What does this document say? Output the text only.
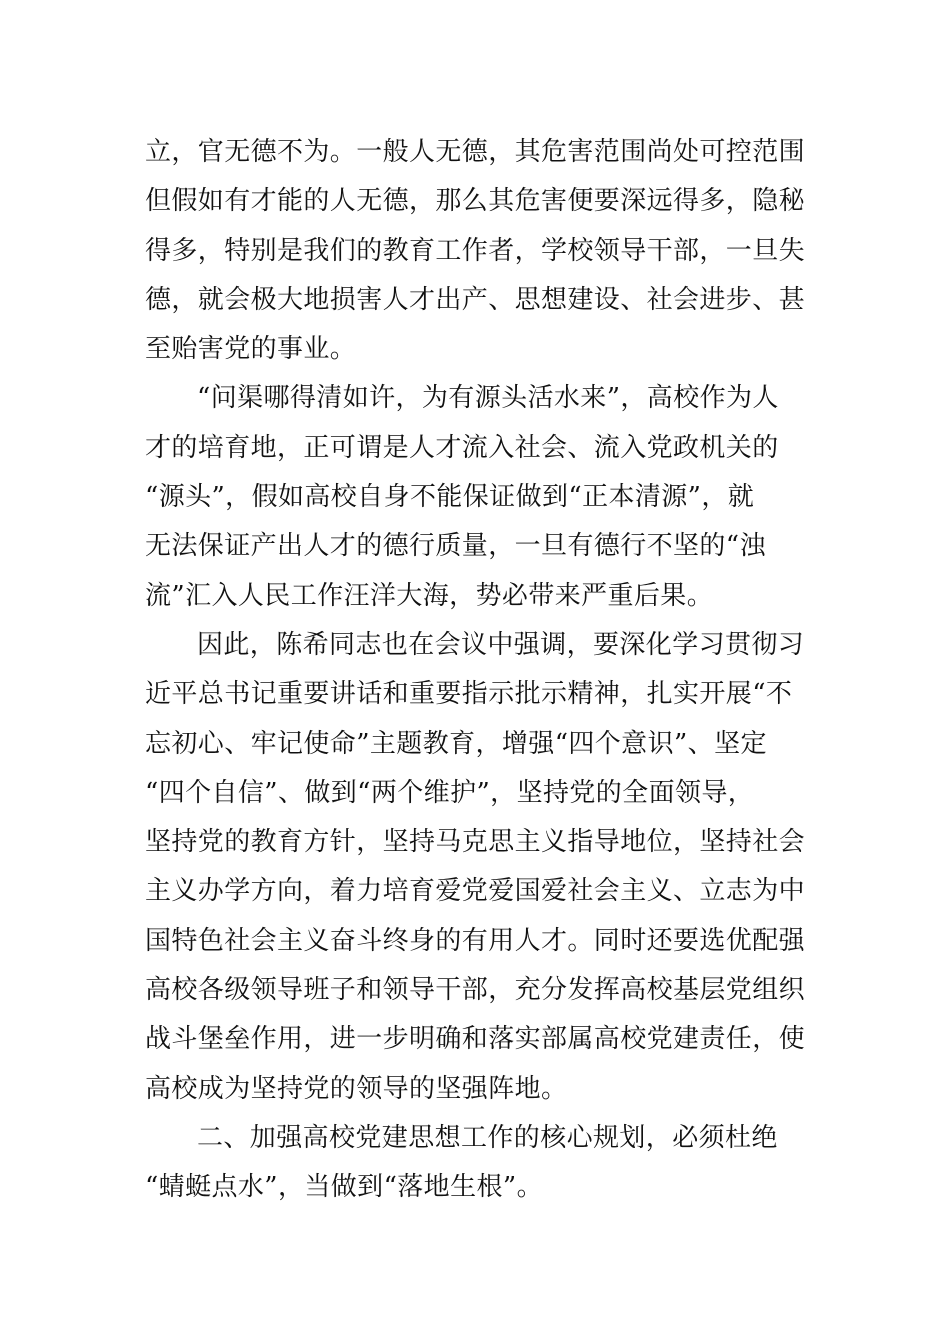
立，官无德不为。一般人无德，其危害范围尚处可控范围
但假如有才能的人无德，那么其危害便要深远得多，隐秘
得多，特别是我们的教育工作者，学校领导干部，一旦失
德，就会极大地损害人才出产、思想建设、社会进步、甚
至贻害党的事业。

“问渠哪得清如许，为有源头活水来”，高校作为人
才的培育地，正可谓是人才流入社会、流入党政机关的
“源头”，假如高校自身不能保证做到“正本清源”，就
无法保证产出人才的德行质量，一旦有德行不坚的“浊
流”汇入人民工作汪洋大海，势必带来严重后果。

因此，陈希同志也在会议中强调，要深化学习贯彻习
近平总书记重要讲话和重要指示批示精神，扎实开展“不
忘初心、牢记使命”主题教育，增强“四个意识”、坚定
“四个自信”、做到“两个维护”，坚持党的全面领导，
坚持党的教育方针，坚持马克思主义指导地位，坚持社会
主义办学方向，着力培育爱党爱国爱社会主义、立志为中
国特色社会主义奋斗终身的有用人才。同时还要选优配强
高校各级领导班子和领导干部，充分发挥高校基层党组织
战斗堡垒作用，进一步明确和落实部属高校党建责任，使
高校成为坚持党的领导的坚强阵地。

二、加强高校党建思想工作的核心规划，必须杜绝
“蜻蜓点水”，当做到“落地生根”。
